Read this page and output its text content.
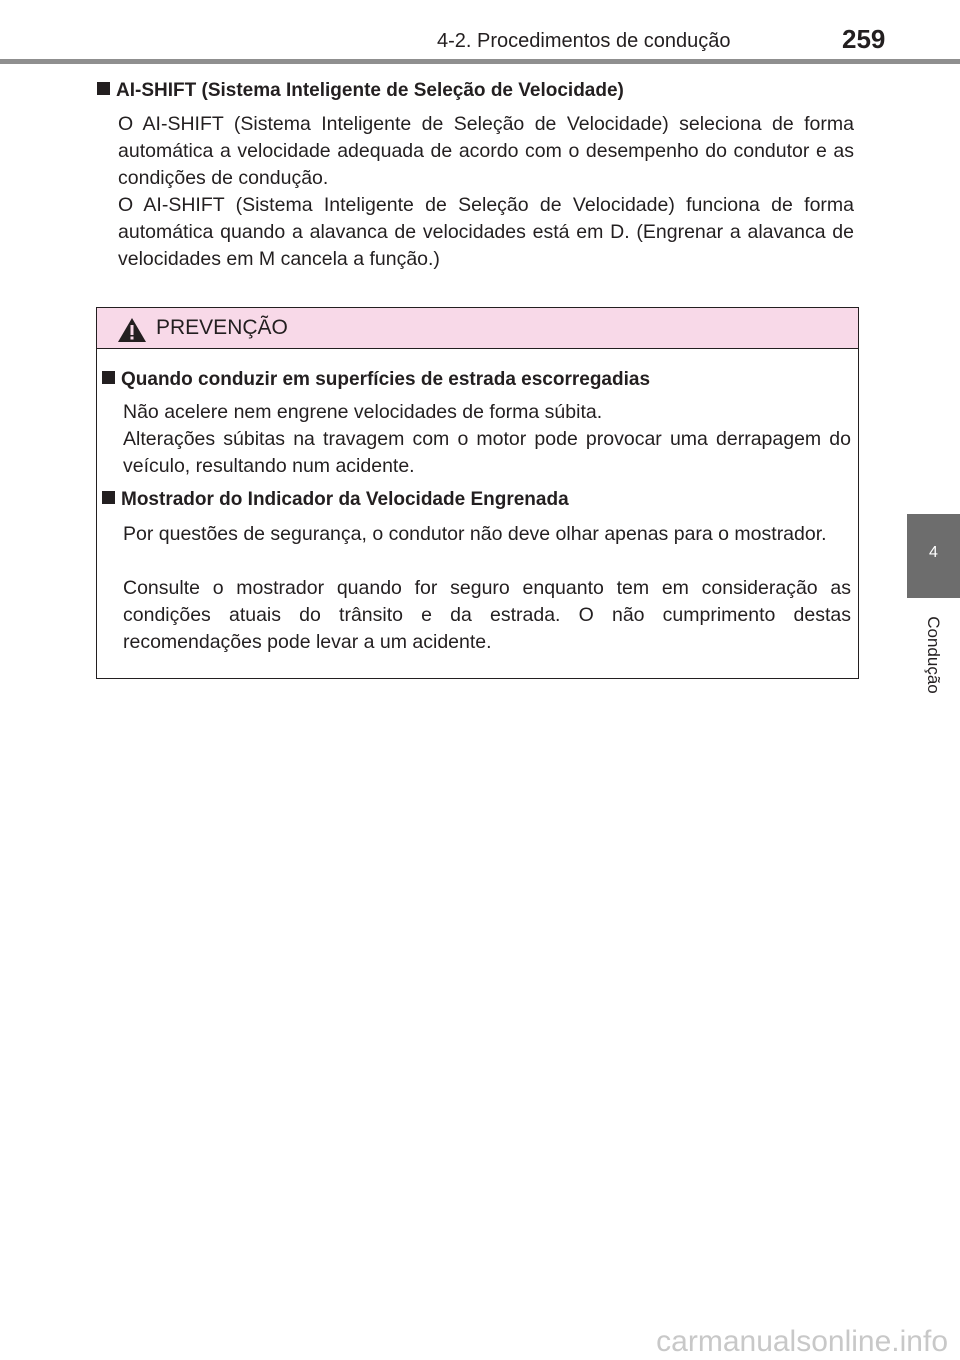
4-2. Procedimentos de condução	259
4
Condução
AI-SHIFT (Sistema Inteligente de Seleção de Velocidade)
O AI-SHIFT (Sistema Inteligente de Seleção de Velocidade) seleciona de forma automática a velocidade adequada de acordo com o desempenho do condutor e as condições de condução.
O AI-SHIFT (Sistema Inteligente de Seleção de Velocidade) funciona de forma automática quando a alavanca de velocidades está em D. (Engrenar a alavanca de velocidades em M cancela a função.)
PREVENÇÃO
Quando conduzir em superfícies de estrada escorregadias
Não acelere nem engrene velocidades de forma súbita.
Alterações súbitas na travagem com o motor pode provocar uma derrapagem do veículo, resultando num acidente.
Mostrador do Indicador da Velocidade Engrenada
Por questões de segurança, o condutor não deve olhar apenas para o mostrador.
Consulte o mostrador quando for seguro enquanto tem em consideração as condições atuais do trânsito e da estrada. O não cumprimento destas recomendações pode levar a um acidente.
carmanualsonline.info
